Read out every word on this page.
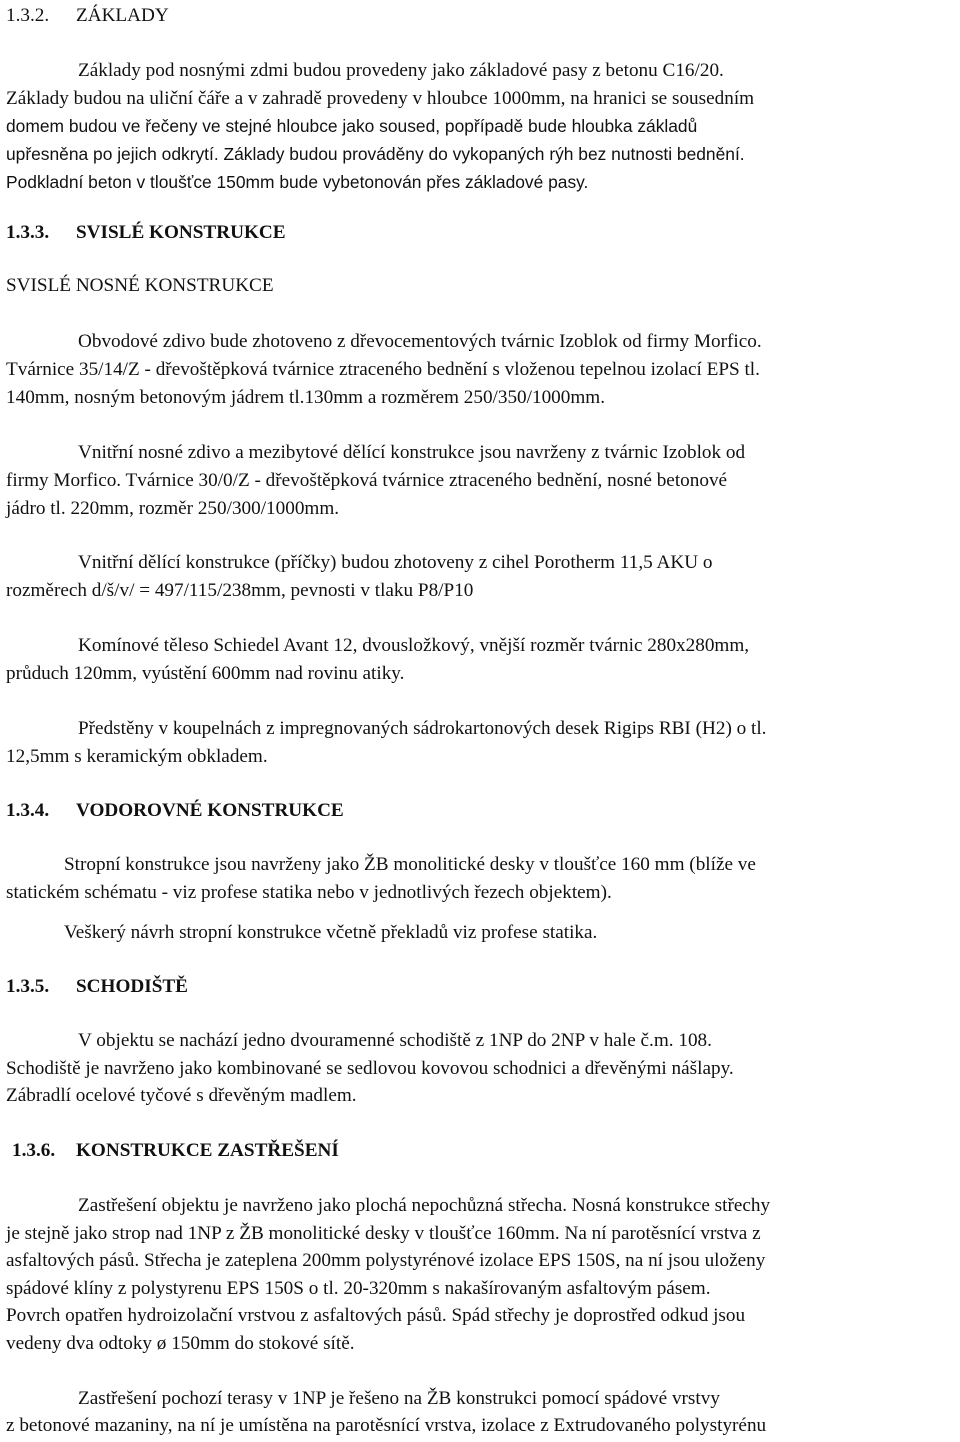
1.3.2. ZÁKLADY
Základy pod nosnými zdmi budou provedeny jako základové pasy z betonu C16/20.
Základy budou na uliční čáře a v zahradě provedeny v hloubce 1000mm, na hranici se sousedním
domem budou ve řečeny ve stejné hloubce jako soused, popřípadě bude hloubka základů
upřesněna po jejich odkrytí. Základy budou prováděny do vykopaných rýh bez nutnosti bednění.
Podkladní beton v tloušťce 150mm bude vybetonován přes základové pasy.
1.3.3. SVISLÉ KONSTRUKCE
SVISLÉ NOSNÉ KONSTRUKCE
Obvodové zdivo bude zhotoveno z dřevocementových tvárnic Izoblok od firmy Morfico.
Tvárnice 35/14/Z - dřevoštěpková tvárnice ztraceného bednění s vloženou tepelnou izolací EPS tl.
140mm, nosným betonovým jádrem tl.130mm a rozměrem 250/350/1000mm.
Vnitřní nosné zdivo a mezibytové dělící konstrukce jsou navrženy z tvárnic Izoblok od
firmy Morfico. Tvárnice 30/0/Z - dřevoštěpková tvárnice ztraceného bednění, nosné betonové
jádro tl. 220mm, rozměr 250/300/1000mm.
Vnitřní dělící konstrukce (příčky) budou zhotoveny z cihel Porotherm 11,5 AKU o
rozměrech d/š/v/ = 497/115/238mm, pevnosti v tlaku P8/P10
Komínové těleso Schiedel Avant 12, dvousložkový, vnější rozměr tvárnic 280x280mm,
průduch 120mm, vyústění 600mm nad rovinu atiky.
Předstěny v koupelnách z impregnovaných sádrokartonových desek Rigips RBI (H2) o tl.
12,5mm s keramickým obkladem.
1.3.4. VODOROVNÉ KONSTRUKCE
Stropní konstrukce jsou navrženy jako ŽB monolitické desky v tloušťce 160 mm (blíže ve
statickém schématu - viz profese statika nebo v jednotlivých řezech objektem).
Veškerý návrh stropní konstrukce včetně překladů viz profese statika.
1.3.5. SCHODIŠTĚ
V objektu se nachází jedno dvouramenné schodiště z 1NP do 2NP v hale č.m. 108.
Schodiště je navrženo jako kombinované se sedlovou kovovou schodnici a dřevěnými nášlapy.
Zábradlí ocelové tyčové s dřevěným madlem.
1.3.6. KONSTRUKCE ZASTŘEŠENÍ
Zastřešení objektu je navrženo jako plochá nepochůzná střecha. Nosná konstrukce střechy
je stejně jako strop nad 1NP z ŽB monolitické desky v tloušťce 160mm. Na ní parotěsnící vrstva z
asfaltových pásů. Střecha je zateplena 200mm polystyrénové izolace EPS 150S, na ní jsou uloženy
spádové klíny z polystyrenu EPS 150S o tl. 20-320mm s nakašírovaným asfaltovým pásem.
Povrch opatřen hydroizolační vrstvou z asfaltových pásů. Spád střechy je doprostřed odkud jsou
vedeny dva odtoky ø 150mm do stokové sítě.
Zastřešení pochozí terasy v 1NP je řešeno na ŽB konstrukci pomocí spádové vrstvy
z betonové mazaniny, na ní je umístěna na parotěsnící vrstva, izolace z Extrudovaného polystyrénu
